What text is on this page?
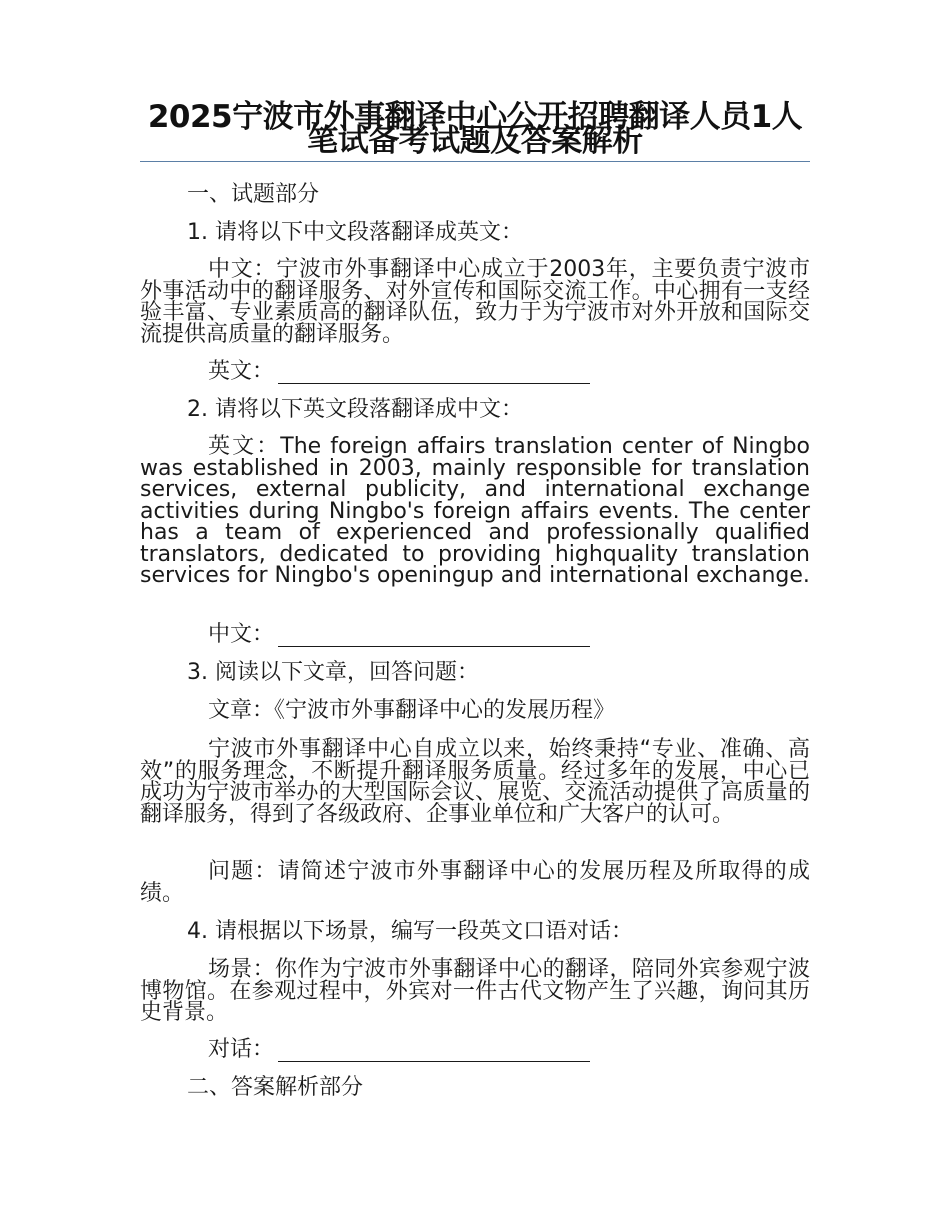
2025宁波市外事翻译中心公开招聘翻译人员1人笔试备考试题及答案解析
一、试题部分
1. 请将以下中文段落翻译成英文：
中文：宁波市外事翻译中心成立于2003年，主要负责宁波市外事活动中的翻译服务、对外宣传和国际交流工作。中心拥有一支经验丰富、专业素质高的翻译队伍，致力于为宁波市对外开放和国际交流提供高质量的翻译服务。
英文：
2. 请将以下英文段落翻译成中文：
英文：The foreign affairs translation center of Ningbo was established in 2003, mainly responsible for translation services, external publicity, and international exchange activities during Ningbo's foreign affairs events. The center has a team of experienced and professionally qualified translators, dedicated to providing highquality translation services for Ningbo's openingup and international exchange.
中文：
3. 阅读以下文章，回答问题：
文章：《宁波市外事翻译中心的发展历程》
宁波市外事翻译中心自成立以来，始终秉持“专业、准确、高效”的服务理念，不断提升翻译服务质量。经过多年的发展，中心已成功为宁波市举办的大型国际会议、展览、交流活动提供了高质量的翻译服务，得到了各级政府、企事业单位和广大客户的认可。
问题：请简述宁波市外事翻译中心的发展历程及所取得的成绩。
4. 请根据以下场景，编写一段英文口语对话：
场景：你作为宁波市外事翻译中心的翻译，陪同外宾参观宁波博物馆。在参观过程中，外宾对一件古代文物产生了兴趣，询问其历史背景。
对话：
二、答案解析部分
